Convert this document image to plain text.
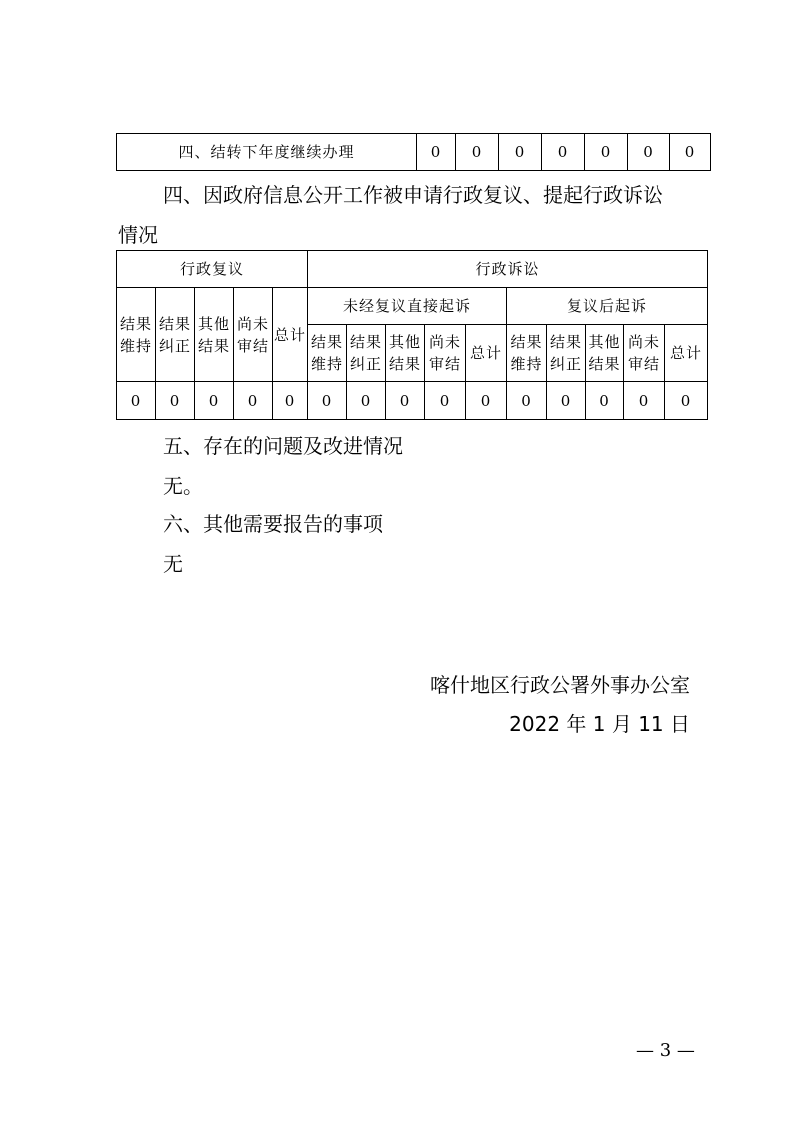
四、结转下年度继续办理	0	0	0	0	0	0	0

四、因政府信息公开工作被申请行政复议、提起行政诉讼

情况

行政复议					行政诉讼									
结果维持	结果纠正	其他结果	尚未审结	总计	未经复议直接起诉					复议后起诉				
					结果维持	结果纠正	其他结果	尚未审结	总计	结果维持	结果纠正	其他结果	尚未审结	总计
0	0	0	0	0	0	0	0	0	0	0	0	0	0	0

五、存在的问题及改进情况

无。

六、其他需要报告的事项

无

喀什地区行政公署外事办公室
2022 年 1 月 11 日
— 3 —
